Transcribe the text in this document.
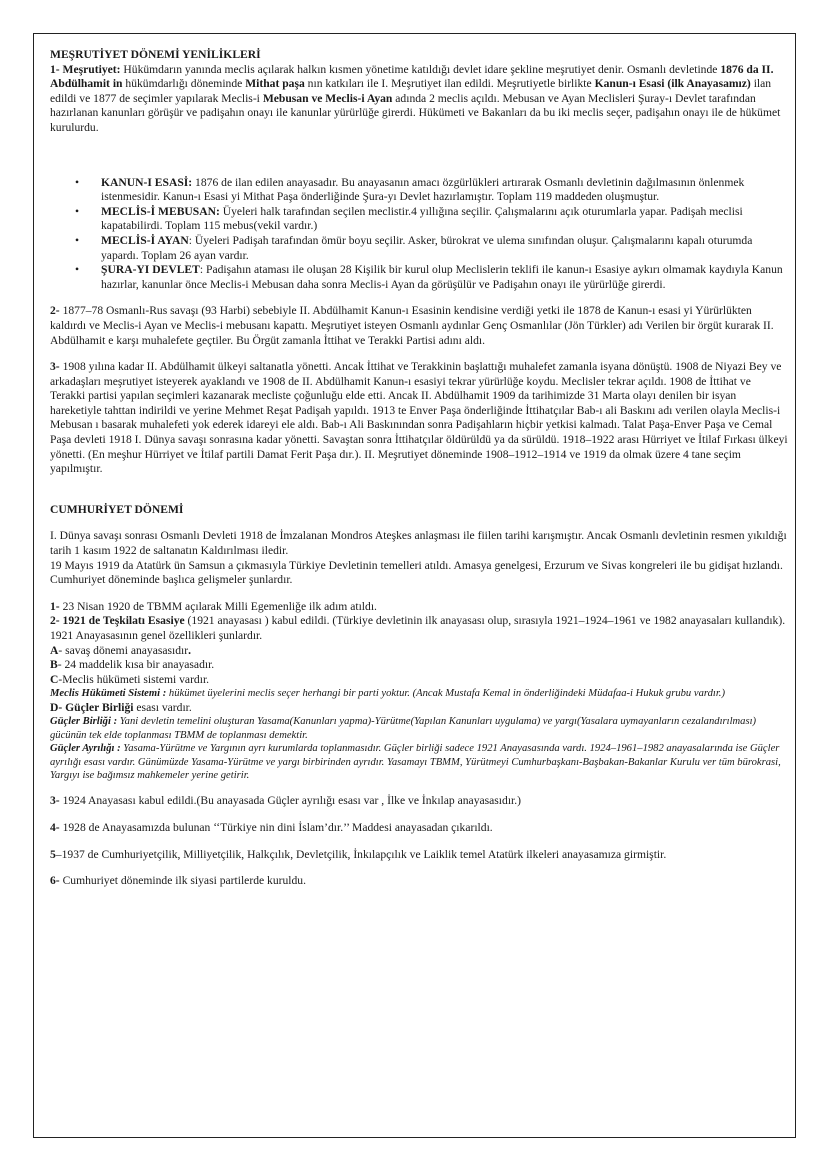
MEŞRUTİYET DÖNEMİ YENİLİKLERİ

1- Meşrutiyet: Hükümdarın yanında meclis açılarak halkın kısmen yönetime katıldığı devlet idare şekline meşrutiyet denir. Osmanlı devletinde 1876 da II. Abdülhamit in hükümdarlığı döneminde Mithat paşa nın katkıları ile I. Meşrutiyet ilan edildi. Meşrutiyetle birlikte Kanun-ı Esasi (ilk Anayasamız) ilan edildi ve 1877 de seçimler yapılarak Meclis-i Mebusan ve Meclis-i Ayan adında 2 meclis açıldı. Mebusan ve Ayan Meclisleri Şuray-ı Devlet tarafından hazırlanan kanunları görüşür ve padişahın onayı ile kanunlar yürürlüğe girerdi. Hükümeti ve Bakanları da bu iki meclis seçer, padişahın onayı ile de hükümet kurulurdu.

• KANUN-I ESASİ: 1876 de ilan edilen anayasadır. Bu anayasanın amacı özgürlükleri artırarak Osmanlı devletinin dağılmasının önlenmek istenmesidir. Kanun-ı Esasi yi Mithat Paşa önderliğinde Şura-yı Devlet hazırlamıştır. Toplam 119 maddeden oluşmuştur.
• MECLİS-İ MEBUSAN: Üyeleri halk tarafından seçilen meclistir.4 yıllığına seçilir. Çalışmalarını açık oturumlarla yapar. Padişah meclisi kapatabilirdi. Toplam 115 mebus(vekil vardır.)
• MECLİS-İ AYAN: Üyeleri Padişah tarafından ömür boyu seçilir. Asker, bürokrat ve ulema sınıfından oluşur. Çalışmalarını kapalı oturumda yapardı. Toplam 26 ayan vardır.
• ŞURA-YI DEVLET: Padişahın ataması ile oluşan 28 Kişilik bir kurul olup Meclislerin teklifi ile kanun-ı Esasiye aykırı olmamak kaydıyla Kanun hazırlar, kanunlar önce Meclis-i Mebusan daha sonra Meclis-i Ayan da görüşülür ve Padişahın onayı ile yürürlüğe girerdi.

2- 1877–78 Osmanlı-Rus savaşı (93 Harbi) sebebiyle II. Abdülhamit Kanun-ı Esasinin kendisine verdiği yetki ile 1878 de Kanun-ı esasi yi Yürürlükten kaldırdı ve Meclis-i Ayan ve Meclis-i mebusanı kapattı. Meşrutiyet isteyen Osmanlı aydınlar Genç Osmanlılar (Jön Türkler) adı Verilen bir örgüt kurarak II. Abdülhamit e karşı muhalefete geçtiler. Bu Örgüt zamanla İttihat ve Terakki Partisi adını aldı.

3- 1908 yılına kadar II. Abdülhamit ülkeyi saltanatla yönetti. Ancak İttihat ve Terakkinin başlattığı muhalefet zamanla isyana dönüştü. 1908 de Niyazi Bey ve arkadaşları meşrutiyet isteyerek ayaklandı ve 1908 de II. Abdülhamit Kanun-ı esasiyi tekrar yürürlüğe koydu. Meclisler tekrar açıldı. 1908 de İttihat ve Terakki partisi yapılan seçimleri kazanarak mecliste çoğunluğu elde etti. Ancak II. Abdülhamit 1909 da tarihimizde 31 Marta olayı denilen bir isyan hareketiyle tahttan indirildi ve yerine Mehmet Reşat Padişah yapıldı. 1913 te Enver Paşa önderliğinde İttihatçılar Bab-ı ali Baskını adı verilen olayla Meclis-i Mebusan ı basarak muhalefeti yok ederek idareyi ele aldı. Bab-ı Ali Baskınından sonra Padişahların hiçbir yetkisi kalmadı. Talat Paşa-Enver Paşa ve Cemal Paşa devleti 1918 I. Dünya savaşı sonrasına kadar yönetti. Savaştan sonra İttihatçılar öldürüldü ya da sürüldü. 1918–1922 arası Hürriyet ve İtilaf Fırkası ülkeyi yönetti. (En meşhur Hürriyet ve İtilaf partili Damat Ferit Paşa dır.). II. Meşrutiyet döneminde 1908–1912–1914 ve 1919 da olmak üzere 4 tane seçim yapılmıştır.

CUMHURİYET DÖNEMİ

I. Dünya savaşı sonrası Osmanlı Devleti 1918 de İmzalanan Mondros Ateşkes anlaşması ile fiilen tarihi karışmıştır. Ancak Osmanlı devletinin resmen yıkıldığı tarih 1 kasım 1922 de saltanatın Kaldırılması iledir.

19 Mayıs 1919 da Atatürk ün Samsun a çıkmasıyla Türkiye Devletinin temelleri atıldı. Amasya genelgesi, Erzurum ve Sivas kongreleri ile bu gidişat hızlandı. Cumhuriyet döneminde başlıca gelişmeler şunlardır.

1- 23 Nisan 1920 de TBMM açılarak Milli Egemenliğe ilk adım atıldı.

2- 1921 de Teşkilatı Esasiye (1921 anayasası ) kabul edildi. (Türkiye devletinin ilk anayasası olup, sırasıyla 1921–1924–1961 ve 1982 anayasaları kullandık). 1921 Anayasasının genel özellikleri şunlardır.

A- savaş dönemi anayasasıdır.

B- 24 maddelik kısa bir anayasadır.

C-Meclis hükümeti sistemi vardır.

Meclis Hükümeti Sistemi : hükümet üyelerini meclis seçer herhangi bir parti yoktur. (Ancak Mustafa Kemal in önderliğindeki Müdafaa-i Hukuk grubu vardır.)

D- Güçler Birliği esası vardır.

Güçler Birliği : Yani devletin temelini oluşturan Yasama(Kanunları yapma)-Yürütme(Yapılan Kanunları uygulama) ve yargı(Yasalara uymayanların cezalandırılması) gücünün tek elde toplanması TBMM de toplanması demektir.

Güçler Ayrılığı : Yasama-Yürütme ve Yargının ayrı kurumlarda toplanmasıdır. Güçler birliği sadece 1921 Anayasasında vardı. 1924–1961–1982 anayasalarında ise Güçler ayrılığı esası vardır. Günümüzde Yasama-Yürütme ve yargı birbirinden ayrıdır. Yasamayı TBMM, Yürütmeyi Cumhurbaşkanı-Başbakan-Bakanlar Kurulu ver tüm bürokrasi, Yargıyı ise bağımsız mahkemeler yerine getirir.

3- 1924 Anayasası kabul edildi.(Bu anayasada Güçler ayrılığı esası var , İlke ve İnkılap anayasasıdır.)

4- 1928 de Anayasamızda bulunan ‘‘Türkiye nin dini İslam’dır.’’ Maddesi anayasadan çıkarıldı.

5–1937 de Cumhuriyetçilik, Milliyetçilik, Halkçılık, Devletçilik, İnkılapçılık ve Laiklik temel Atatürk ilkeleri anayasamıza girmiştir.

6- Cumhuriyet döneminde ilk siyasi partilerde kuruldu.
